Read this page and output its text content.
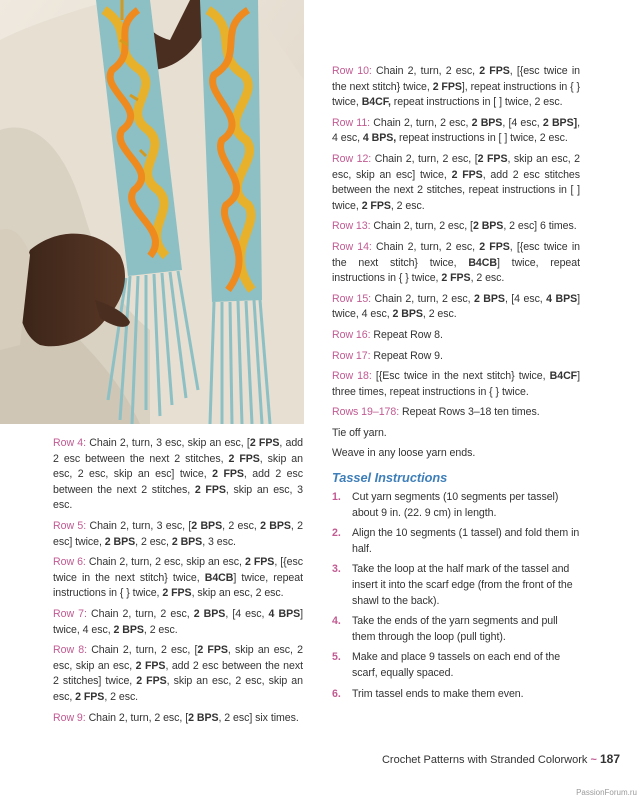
Row 4: Chain 2, turn, 3 esc, skip an esc, [2 FPS, add 2 esc between the next 2 stitches, 2 FPS, skip an esc, 2 esc, skip an esc] twice, 2 FPS, add 2 esc between the next 2 stitches, 2 FPS, skip an esc, 3 esc.
Row 5: Chain 2, turn, 3 esc, [2 BPS, 2 esc, 2 BPS, 2 esc] twice, 2 BPS, 2 esc, 2 BPS, 3 esc.
Row 6: Chain 2, turn, 2 esc, skip an esc, 2 FPS, [{esc twice in the next stitch} twice, B4CB] twice, repeat instructions in { } twice, 2 FPS, skip an esc, 2 esc.
Row 7: Chain 2, turn, 2 esc, 2 BPS, [4 esc, 4 BPS] twice, 4 esc, 2 BPS, 2 esc.
Row 8: Chain 2, turn, 2 esc, [2 FPS, skip an esc, 2 esc, skip an esc, 2 FPS, add 2 esc between the next 2 stitches] twice, 2 FPS, skip an esc, 2 esc, skip an esc, 2 FPS, 2 esc.
Row 9: Chain 2, turn, 2 esc, [2 BPS, 2 esc] six times.
Row 10: Chain 2, turn, 2 esc, 2 FPS, [{esc twice in the next stitch} twice, 2 FPS], repeat instructions in { } twice, B4CF, repeat instructions in [ ] twice, 2 esc.
Row 11: Chain 2, turn, 2 esc, 2 BPS, [4 esc, 2 BPS], 4 esc, 4 BPS, repeat instructions in [ ] twice, 2 esc.
Row 12: Chain 2, turn, 2 esc, [2 FPS, skip an esc, 2 esc, skip an esc] twice, 2 FPS, add 2 esc stitches between the next 2 stitches, repeat instructions in [ ] twice, 2 FPS, 2 esc.
Row 13: Chain 2, turn, 2 esc, [2 BPS, 2 esc] 6 times.
Row 14: Chain 2, turn, 2 esc, 2 FPS, [{esc twice in the next stitch} twice, B4CB] twice, repeat instructions in { } twice, 2 FPS, 2 esc.
Row 15: Chain 2, turn, 2 esc, 2 BPS, [4 esc, 4 BPS] twice, 4 esc, 2 BPS, 2 esc.
Row 16: Repeat Row 8.
Row 17: Repeat Row 9.
Row 18: [{Esc twice in the next stitch} twice, B4CF] three times, repeat instructions in { } twice.
Rows 19–178: Repeat Rows 3–18 ten times.
Tie off yarn.
Weave in any loose yarn ends.
Tassel Instructions
1. Cut yarn segments (10 segments per tassel) about 9 in. (22. 9 cm) in length.
2. Align the 10 segments (1 tassel) and fold them in half.
3. Take the loop at the half mark of the tassel and insert it into the scarf edge (from the front of the shawl to the back).
4. Take the ends of the yarn segments and pull them through the loop (pull tight).
5. Make and place 9 tassels on each end of the scarf, equally spaced.
6. Trim tassel ends to make them even.
Crochet Patterns with Stranded Colorwork ~ 187
PassionForum.ru
